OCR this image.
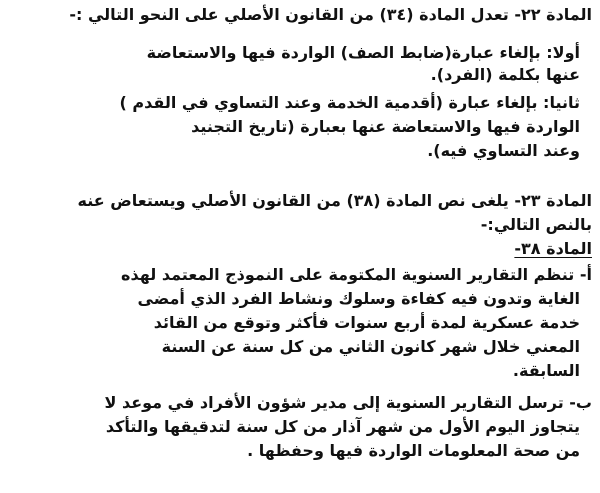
المادة ٢٢- تعدل المادة (٣٤) من القانون الأصلي على النحو التالي :-
أولا: بإلغاء عبارة(ضابط الصف) الواردة فيها والاستعاضة
عنها بكلمة (الفرد).
ثانيا: بإلغاء عبارة (أقدمية الخدمة وعند التساوي في القدم )
الواردة فيها والاستعاضة عنها بعبارة (تاريخ التجنيد
وعند التساوي فيه).
المادة ٢٣- يلغى نص المادة (٣٨) من القانون الأصلي ويستعاض عنه
بالنص التالي:-
المادة ٣٨-
أ- تنظم التقارير السنوية المكتومة على النموذج المعتمد لهذه
الغاية وتدون فيه كفاءة وسلوك ونشاط الفرد الذي أمضى
خدمة عسكرية لمدة أربع سنوات فأكثر وتوقع من القائد
المعني خلال شهر كانون الثاني من كل سنة عن السنة
السابقة.
ب- ترسل التقارير السنوية إلى مدير شؤون الأفراد في موعد لا
يتجاوز اليوم الأول من شهر آذار من كل سنة لتدقيقها والتأكد
من صحة المعلومات الواردة فيها وحفظها .
